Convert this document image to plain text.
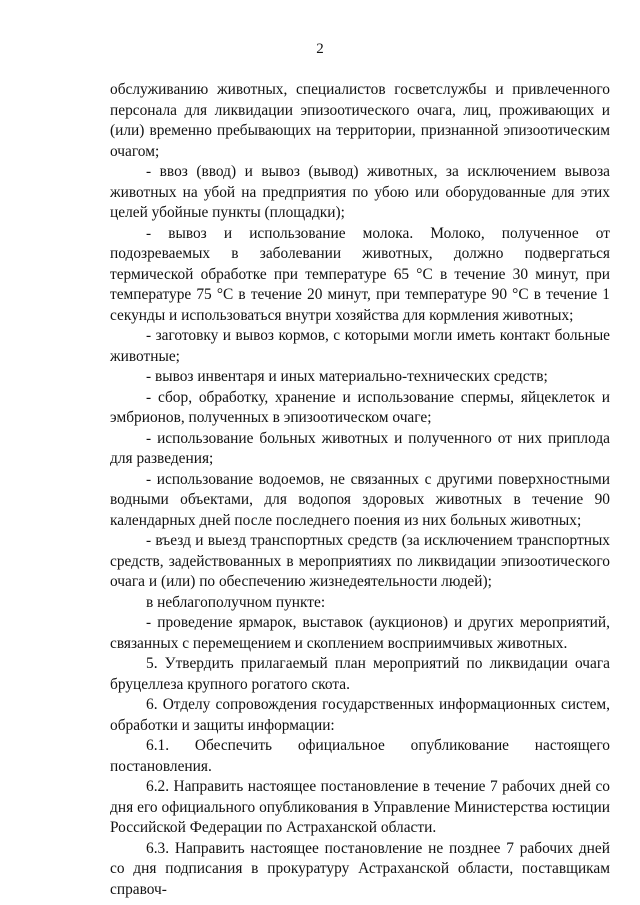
2

обслуживанию животных, специалистов госветслужбы и привлеченного персонала для ликвидации эпизоотического очага, лиц, проживающих и (или) временно пребывающих на территории, признанной эпизоотическим очагом;

- ввоз (ввод) и вывоз (вывод) животных, за исключением вывоза животных на убой на предприятия по убою или оборудованные для этих целей убойные пункты (площадки);

- вывоз и использование молока. Молоко, полученное от подозреваемых в заболевании животных, должно подвергаться термической обработке при температуре 65 °С в течение 30 минут, при температуре 75 °С в течение 20 минут, при температуре 90 °С в течение 1 секунды и использоваться внутри хозяйства для кормления животных;

- заготовку и вывоз кормов, с которыми могли иметь контакт больные животные;

- вывоз инвентаря и иных материально-технических средств;

- сбор, обработку, хранение и использование спермы, яйцеклеток и эмбрионов, полученных в эпизоотическом очаге;

- использование больных животных и полученного от них приплода для разведения;

- использование водоемов, не связанных с другими поверхностными водными объектами, для водопоя здоровых животных в течение 90 календарных дней после последнего поения из них больных животных;

- въезд и выезд транспортных средств (за исключением транспортных средств, задействованных в мероприятиях по ликвидации эпизоотического очага и (или) по обеспечению жизнедеятельности людей);

в неблагополучном пункте:

- проведение ярмарок, выставок (аукционов) и других мероприятий, связанных с перемещением и скоплением восприимчивых животных.

5. Утвердить прилагаемый план мероприятий по ликвидации очага бруцеллеза крупного рогатого скота.

6. Отделу сопровождения государственных информационных систем, обработки и защиты информации:

6.1. Обеспечить официальное опубликование настоящего постановления.

6.2. Направить настоящее постановление в течение 7 рабочих дней со дня его официального опубликования в Управление Министерства юстиции Российской Федерации по Астраханской области.

6.3. Направить настоящее постановление не позднее 7 рабочих дней со дня подписания в прокуратуру Астраханской области, поставщикам справоч-
